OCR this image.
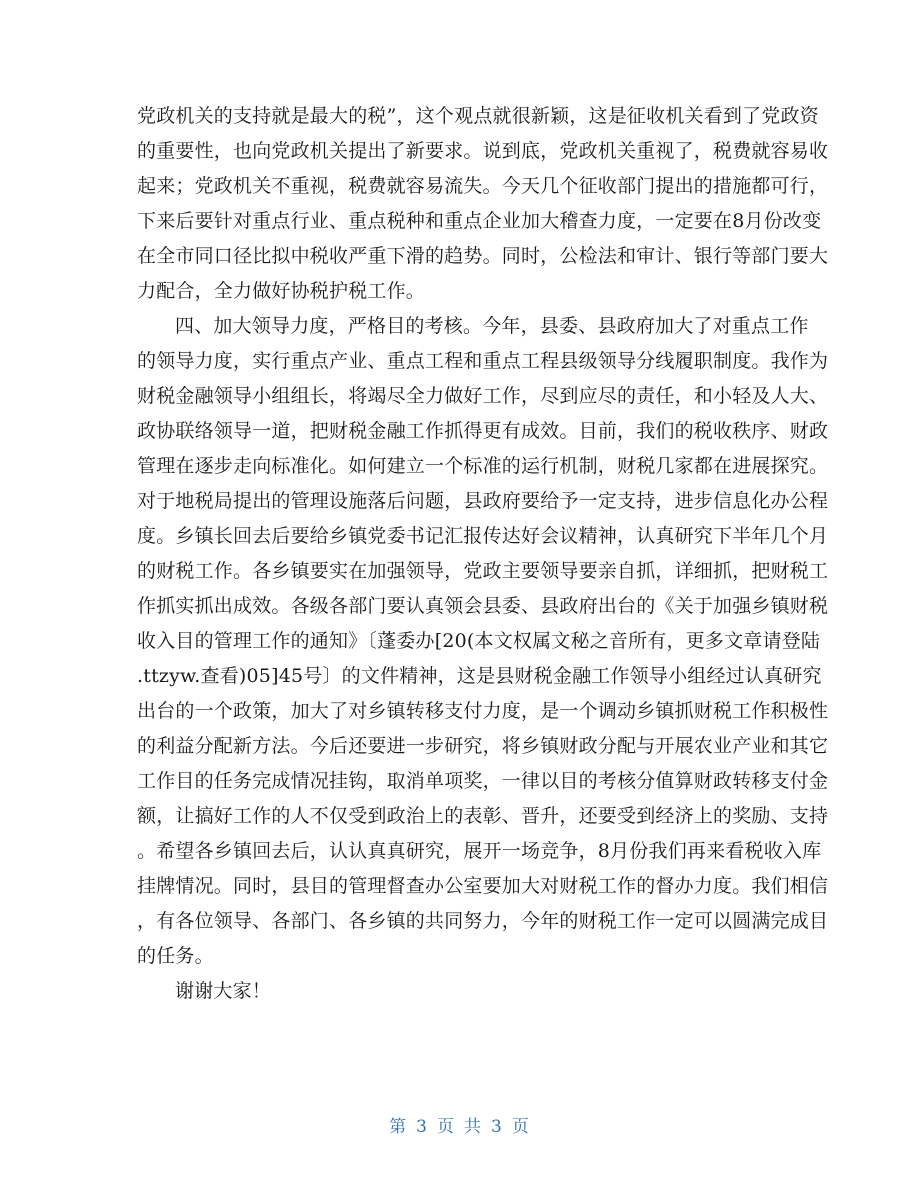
党政机关的支持就是最大的税”，这个观点就很新颖，这是征收机关看到了党政资
的重要性，也向党政机关提出了新要求。说到底，党政机关重视了，税费就容易收
起来；党政机关不重视，税费就容易流失。今天几个征收部门提出的措施都可行，
下来后要针对重点行业、重点税种和重点企业加大稽查力度，一定要在8月份改变
在全市同口径比拟中税收严重下滑的趋势。同时，公检法和审计、银行等部门要大
力配合，全力做好协税护税工作。
四、加大领导力度，严格目的考核。今年，县委、县政府加大了对重点工作
的领导力度，实行重点产业、重点工程和重点工程县级领导分线履职制度。我作为
财税金融领导小组组长，将竭尽全力做好工作，尽到应尽的责任，和小轻及人大、
政协联络领导一道，把财税金融工作抓得更有成效。目前，我们的税收秩序、财政
管理在逐步走向标准化。如何建立一个标准的运行机制，财税几家都在进展探究。
对于地税局提出的管理设施落后问题，县政府要给予一定支持，进步信息化办公程
度。乡镇长回去后要给乡镇党委书记汇报传达好会议精神，认真研究下半年几个月
的财税工作。各乡镇要实在加强领导，党政主要领导要亲自抓，详细抓，把财税工
作抓实抓出成效。各级各部门要认真领会县委、县政府出台的《关于加强乡镇财税
收入目的管理工作的通知》〔蓬委办[20(本文权属文秘之音所有，更多文章请登陆
.ttzyw.查看)05]45号〕的文件精神，这是县财税金融工作领导小组经过认真研究
出台的一个政策，加大了对乡镇转移支付力度，是一个调动乡镇抓财税工作积极性
的利益分配新方法。今后还要进一步研究，将乡镇财政分配与开展农业产业和其它
工作目的任务完成情况挂钩，取消单项奖，一律以目的考核分值算财政转移支付金
额，让搞好工作的人不仅受到政治上的表彰、晋升，还要受到经济上的奖励、支持
。希望各乡镇回去后，认认真真研究，展开一场竞争，8月份我们再来看税收入库
挂牌情况。同时，县目的管理督查办公室要加大对财税工作的督办力度。我们相信
，有各位领导、各部门、各乡镇的共同努力，今年的财税工作一定可以圆满完成目
的任务。
谢谢大家！
第 3 页 共 3 页
